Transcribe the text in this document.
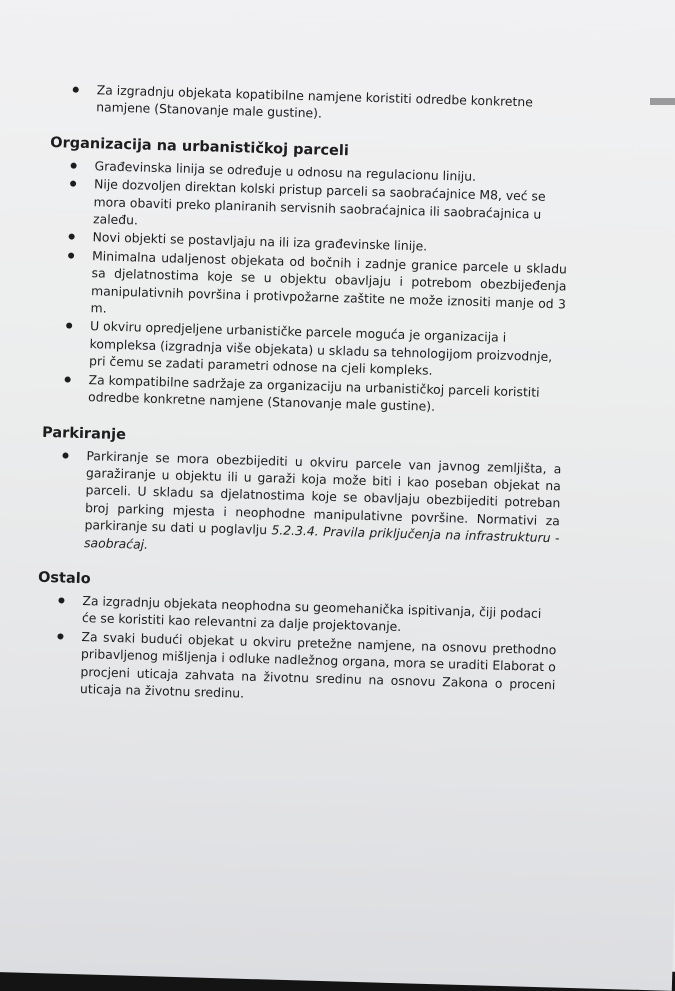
Za izgradnju objekata kopatibilne namjene koristiti odredbe konkretne namjene (Stanovanje male gustine).
Organizacija na urbanističkoj parceli
Građevinska linija se određuje u odnosu na regulacionu liniju.
Nije dozvoljen direktan kolski pristup parceli sa saobraćajnice M8, već se mora obaviti preko planiranih servisnih saobraćajnica ili saobraćajnica u zaleđu.
Novi objekti se postavljaju na ili iza građevinske linije.
Minimalna udaljenost objekata od bočnih i zadnje granice parcele u skladu sa djelatnostima koje se u objektu obavljaju i potrebom obezbijeđenja manipulativnih površina i protivpožarne zaštite ne može iznositi manje od 3 m.
U okviru opredjeljene urbanističke parcele moguća je organizacija i kompleksa (izgradnja više objekata) u skladu sa tehnologijom proizvodnje, pri čemu se zadati parametri odnose na cjeli kompleks.
Za kompatibilne sadržaje za organizaciju na urbanističkoj parceli koristiti odredbe konkretne namjene (Stanovanje male gustine).
Parkiranje
Parkiranje se mora obezbijediti u okviru parcele van javnog zemljišta, a garažiranje u objektu ili u garaži koja može biti i kao poseban objekat na parceli. U skladu sa djelatnostima koje se obavljaju obezbijediti potreban broj parking mjesta i neophodne manipulativne površine. Normativi za parkiranje su dati u poglavlju 5.2.3.4. Pravila priključenja na infrastrukturu - saobraćaj.
Ostalo
Za izgradnju objekata neophodna su geomehanička ispitivanja, čiji podaci će se koristiti kao relevantni za dalje projektovanje.
Za svaki budući objekat u okviru pretežne namjene, na osnovu prethodno pribavljenog mišljenja i odluke nadležnog organa, mora se uraditi Elaborat o procjeni uticaja zahvata na životnu sredinu na osnovu Zakona o proceni uticaja na životnu sredinu.
